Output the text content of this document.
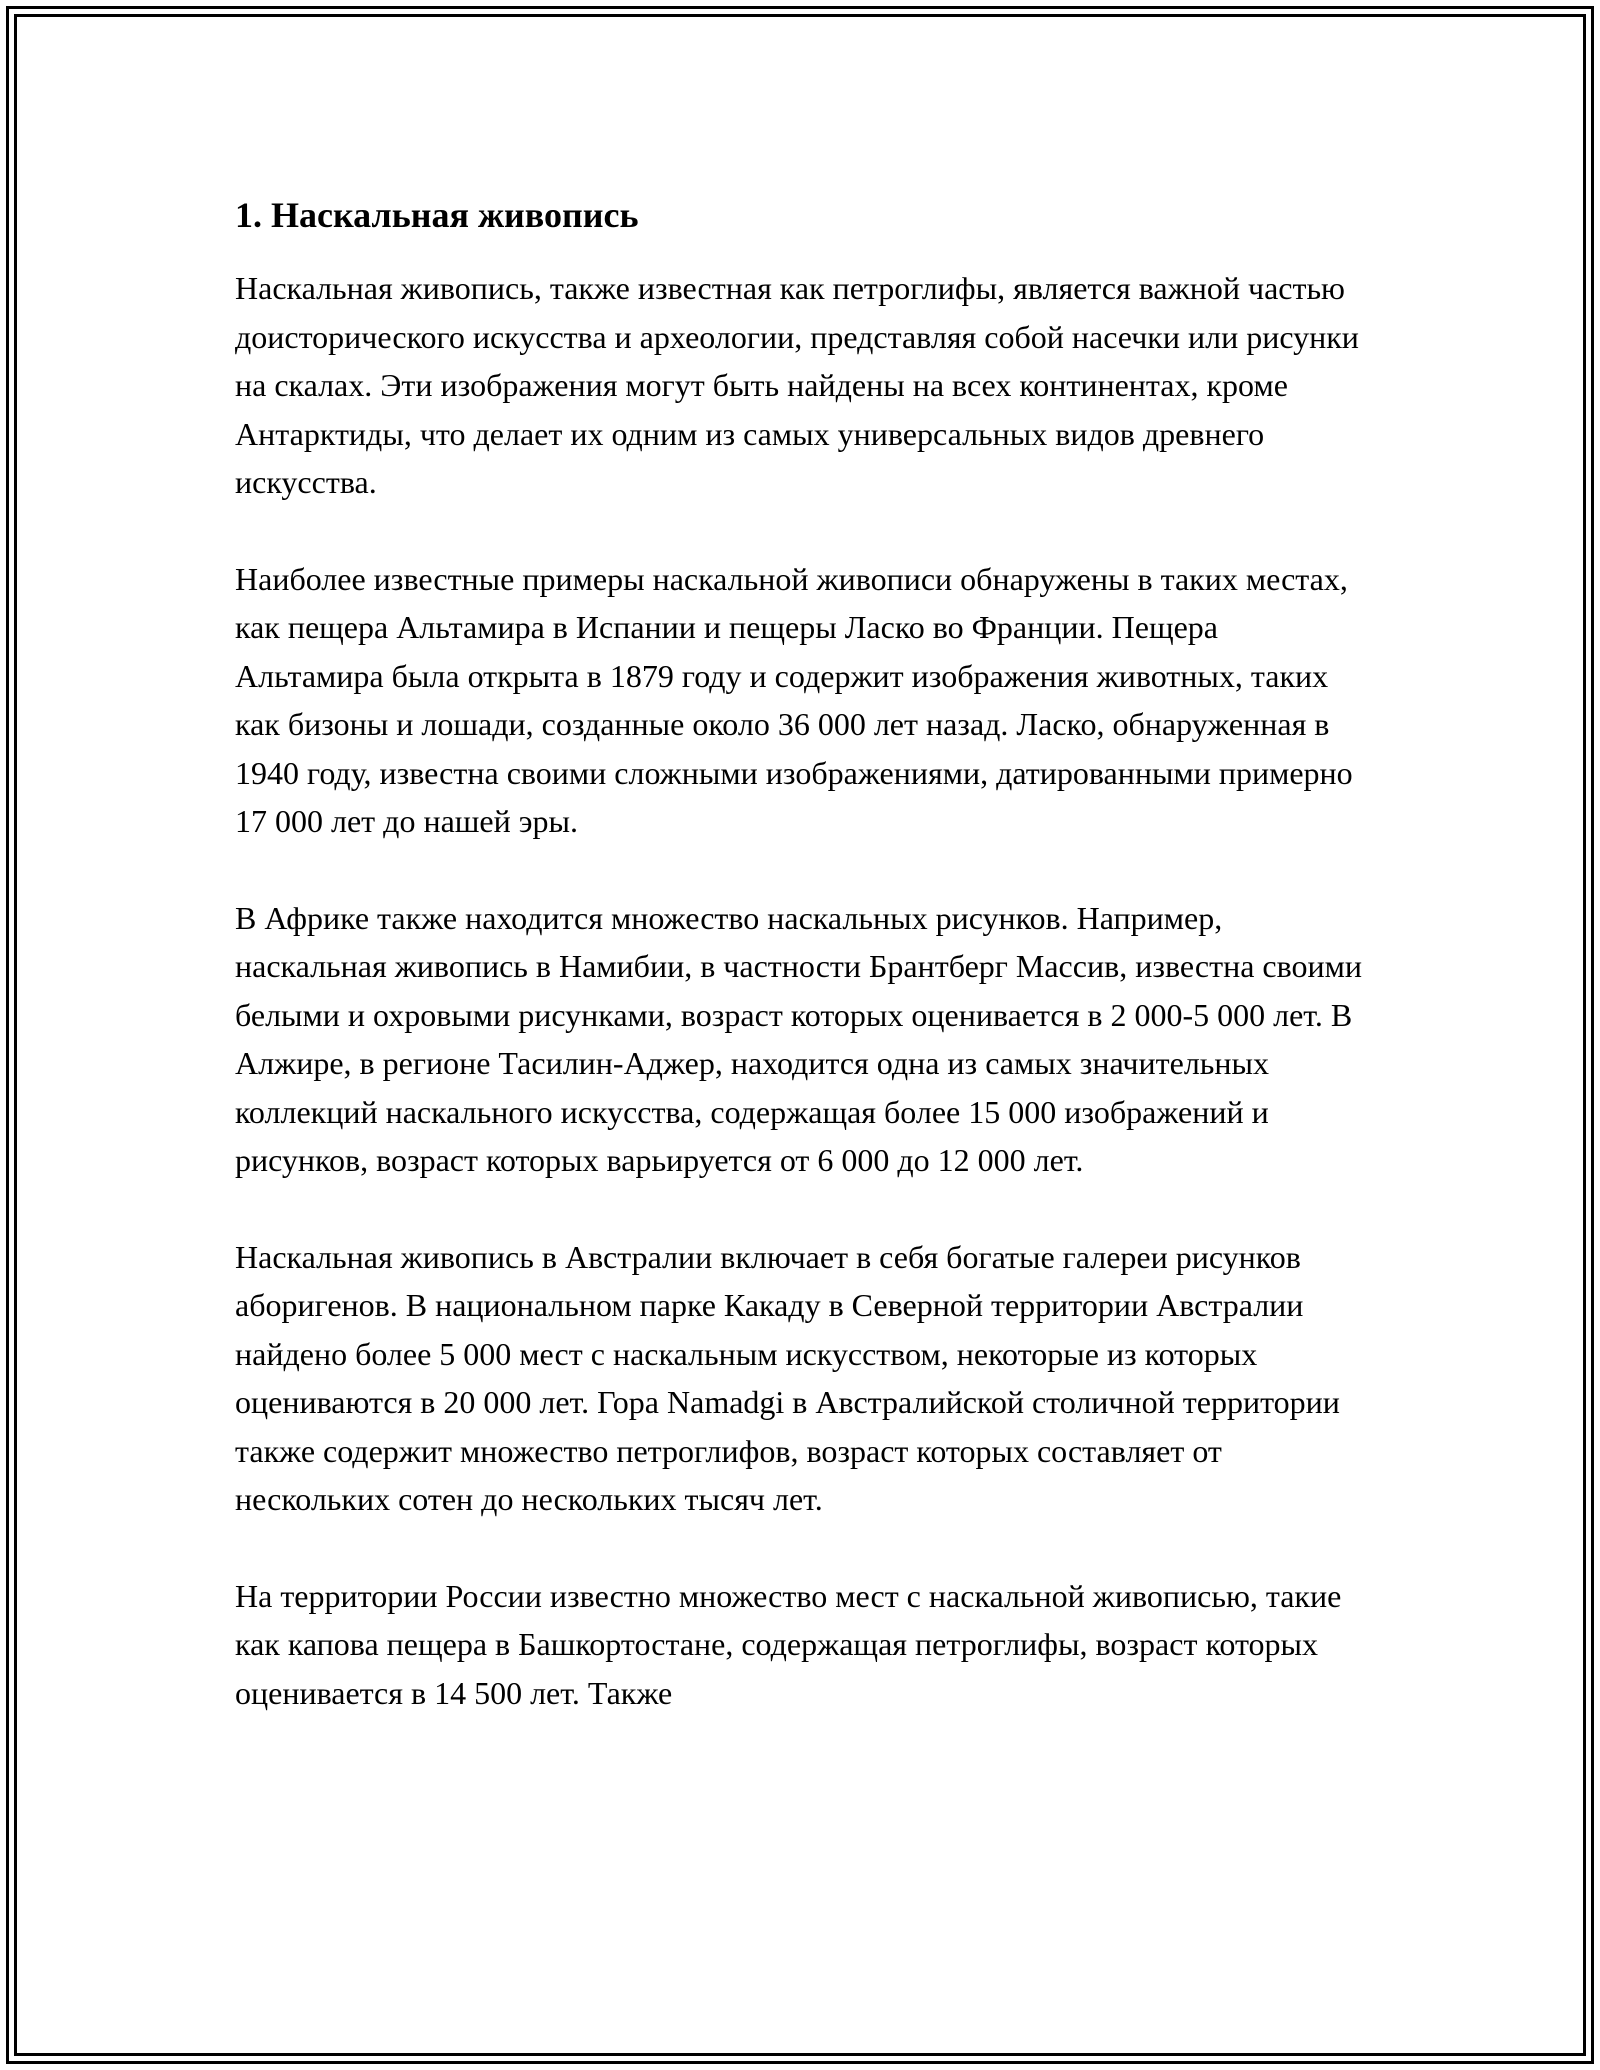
1. Наскальная живопись

Наскальная живопись, также известная как петроглифы, является важной частью доисторического искусства и археологии, представляя собой насечки или рисунки на скалах. Эти изображения могут быть найдены на всех континентах, кроме Антарктиды, что делает их одним из самых универсальных видов древнего искусства.

Наиболее известные примеры наскальной живописи обнаружены в таких местах, как пещера Альтамира в Испании и пещеры Ласко во Франции. Пещера Альтамира была открыта в 1879 году и содержит изображения животных, таких как бизоны и лошади, созданные около 36 000 лет назад. Ласко, обнаруженная в 1940 году, известна своими сложными изображениями, датированными примерно 17 000 лет до нашей эры.

В Африке также находится множество наскальных рисунков. Например, наскальная живопись в Намибии, в частности Брантберг Массив, известна своими белыми и охровыми рисунками, возраст которых оценивается в 2 000-5 000 лет. В Алжире, в регионе Тасилин-Аджер, находится одна из самых значительных коллекций наскального искусства, содержащая более 15 000 изображений и рисунков, возраст которых варьируется от 6 000 до 12 000 лет.

Наскальная живопись в Австралии включает в себя богатые галереи рисунков аборигенов. В национальном парке Какаду в Северной территории Австралии найдено более 5 000 мест с наскальным искусством, некоторые из которых оцениваются в 20 000 лет. Гора Namadgi в Австралийской столичной территории также содержит множество петроглифов, возраст которых составляет от нескольких сотен до нескольких тысяч лет.

На территории России известно множество мест с наскальной живописью, такие как капова пещера в Башкортостане, содержащая петроглифы, возраст которых оценивается в 14 500 лет. Также
